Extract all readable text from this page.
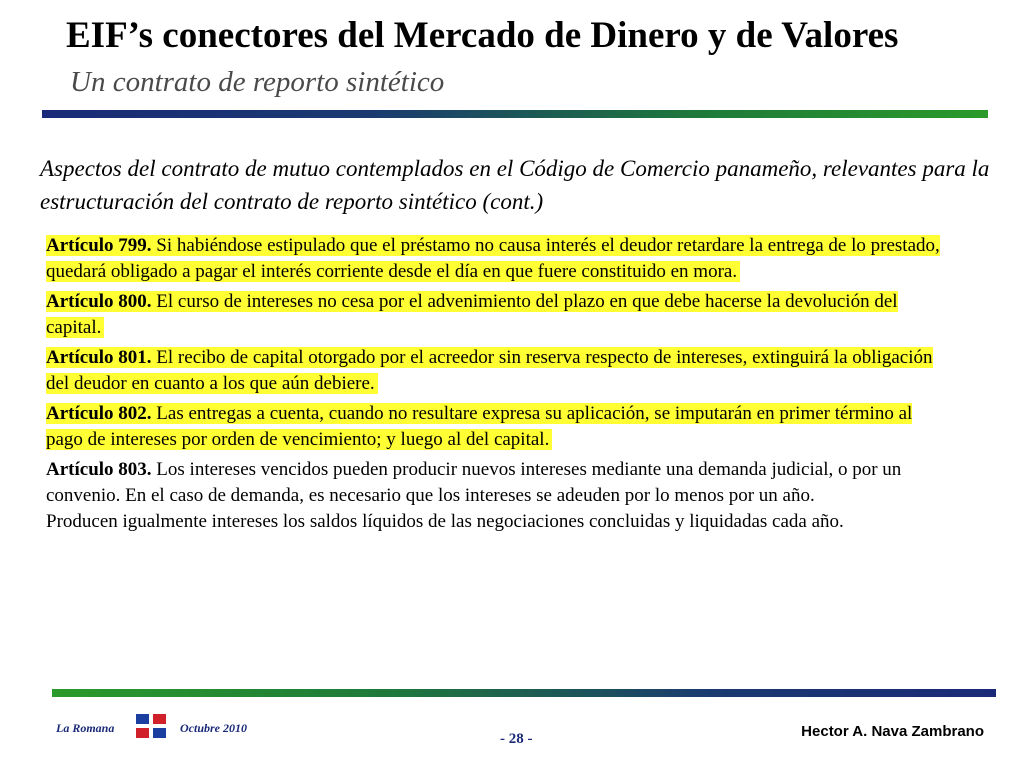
EIF’s conectores del Mercado de Dinero y de Valores
Un contrato de reporto sintético
Aspectos del contrato de mutuo contemplados en el Código de Comercio panameño, relevantes para la estructuración del contrato de reporto sintético (cont.)
Artículo 799. Si habiéndose estipulado que el préstamo no causa interés el deudor retardare la entrega de lo prestado, quedará obligado a pagar el interés corriente desde el día en que fuere constituido en mora.
Artículo 800. El curso de intereses no cesa por el advenimiento del plazo en que debe hacerse la devolución del capital.
Artículo 801. El recibo de capital otorgado por el acreedor sin reserva respecto de intereses, extinguirá la obligación del deudor en cuanto a los que aún debiere.
Artículo 802. Las entregas a cuenta, cuando no resultare expresa su aplicación, se imputarán en primer término al pago de intereses por orden de vencimiento; y luego al del capital.
Artículo 803. Los intereses vencidos pueden producir nuevos intereses mediante una demanda judicial, o por un convenio. En el caso de demanda, es necesario que los intereses se adeuden por lo menos por un año.
Producen igualmente intereses los saldos líquidos de las negociaciones concluidas y liquidadas cada año.
La Romana	Octubre 2010
- 28 -	Hector A. Nava Zambrano
